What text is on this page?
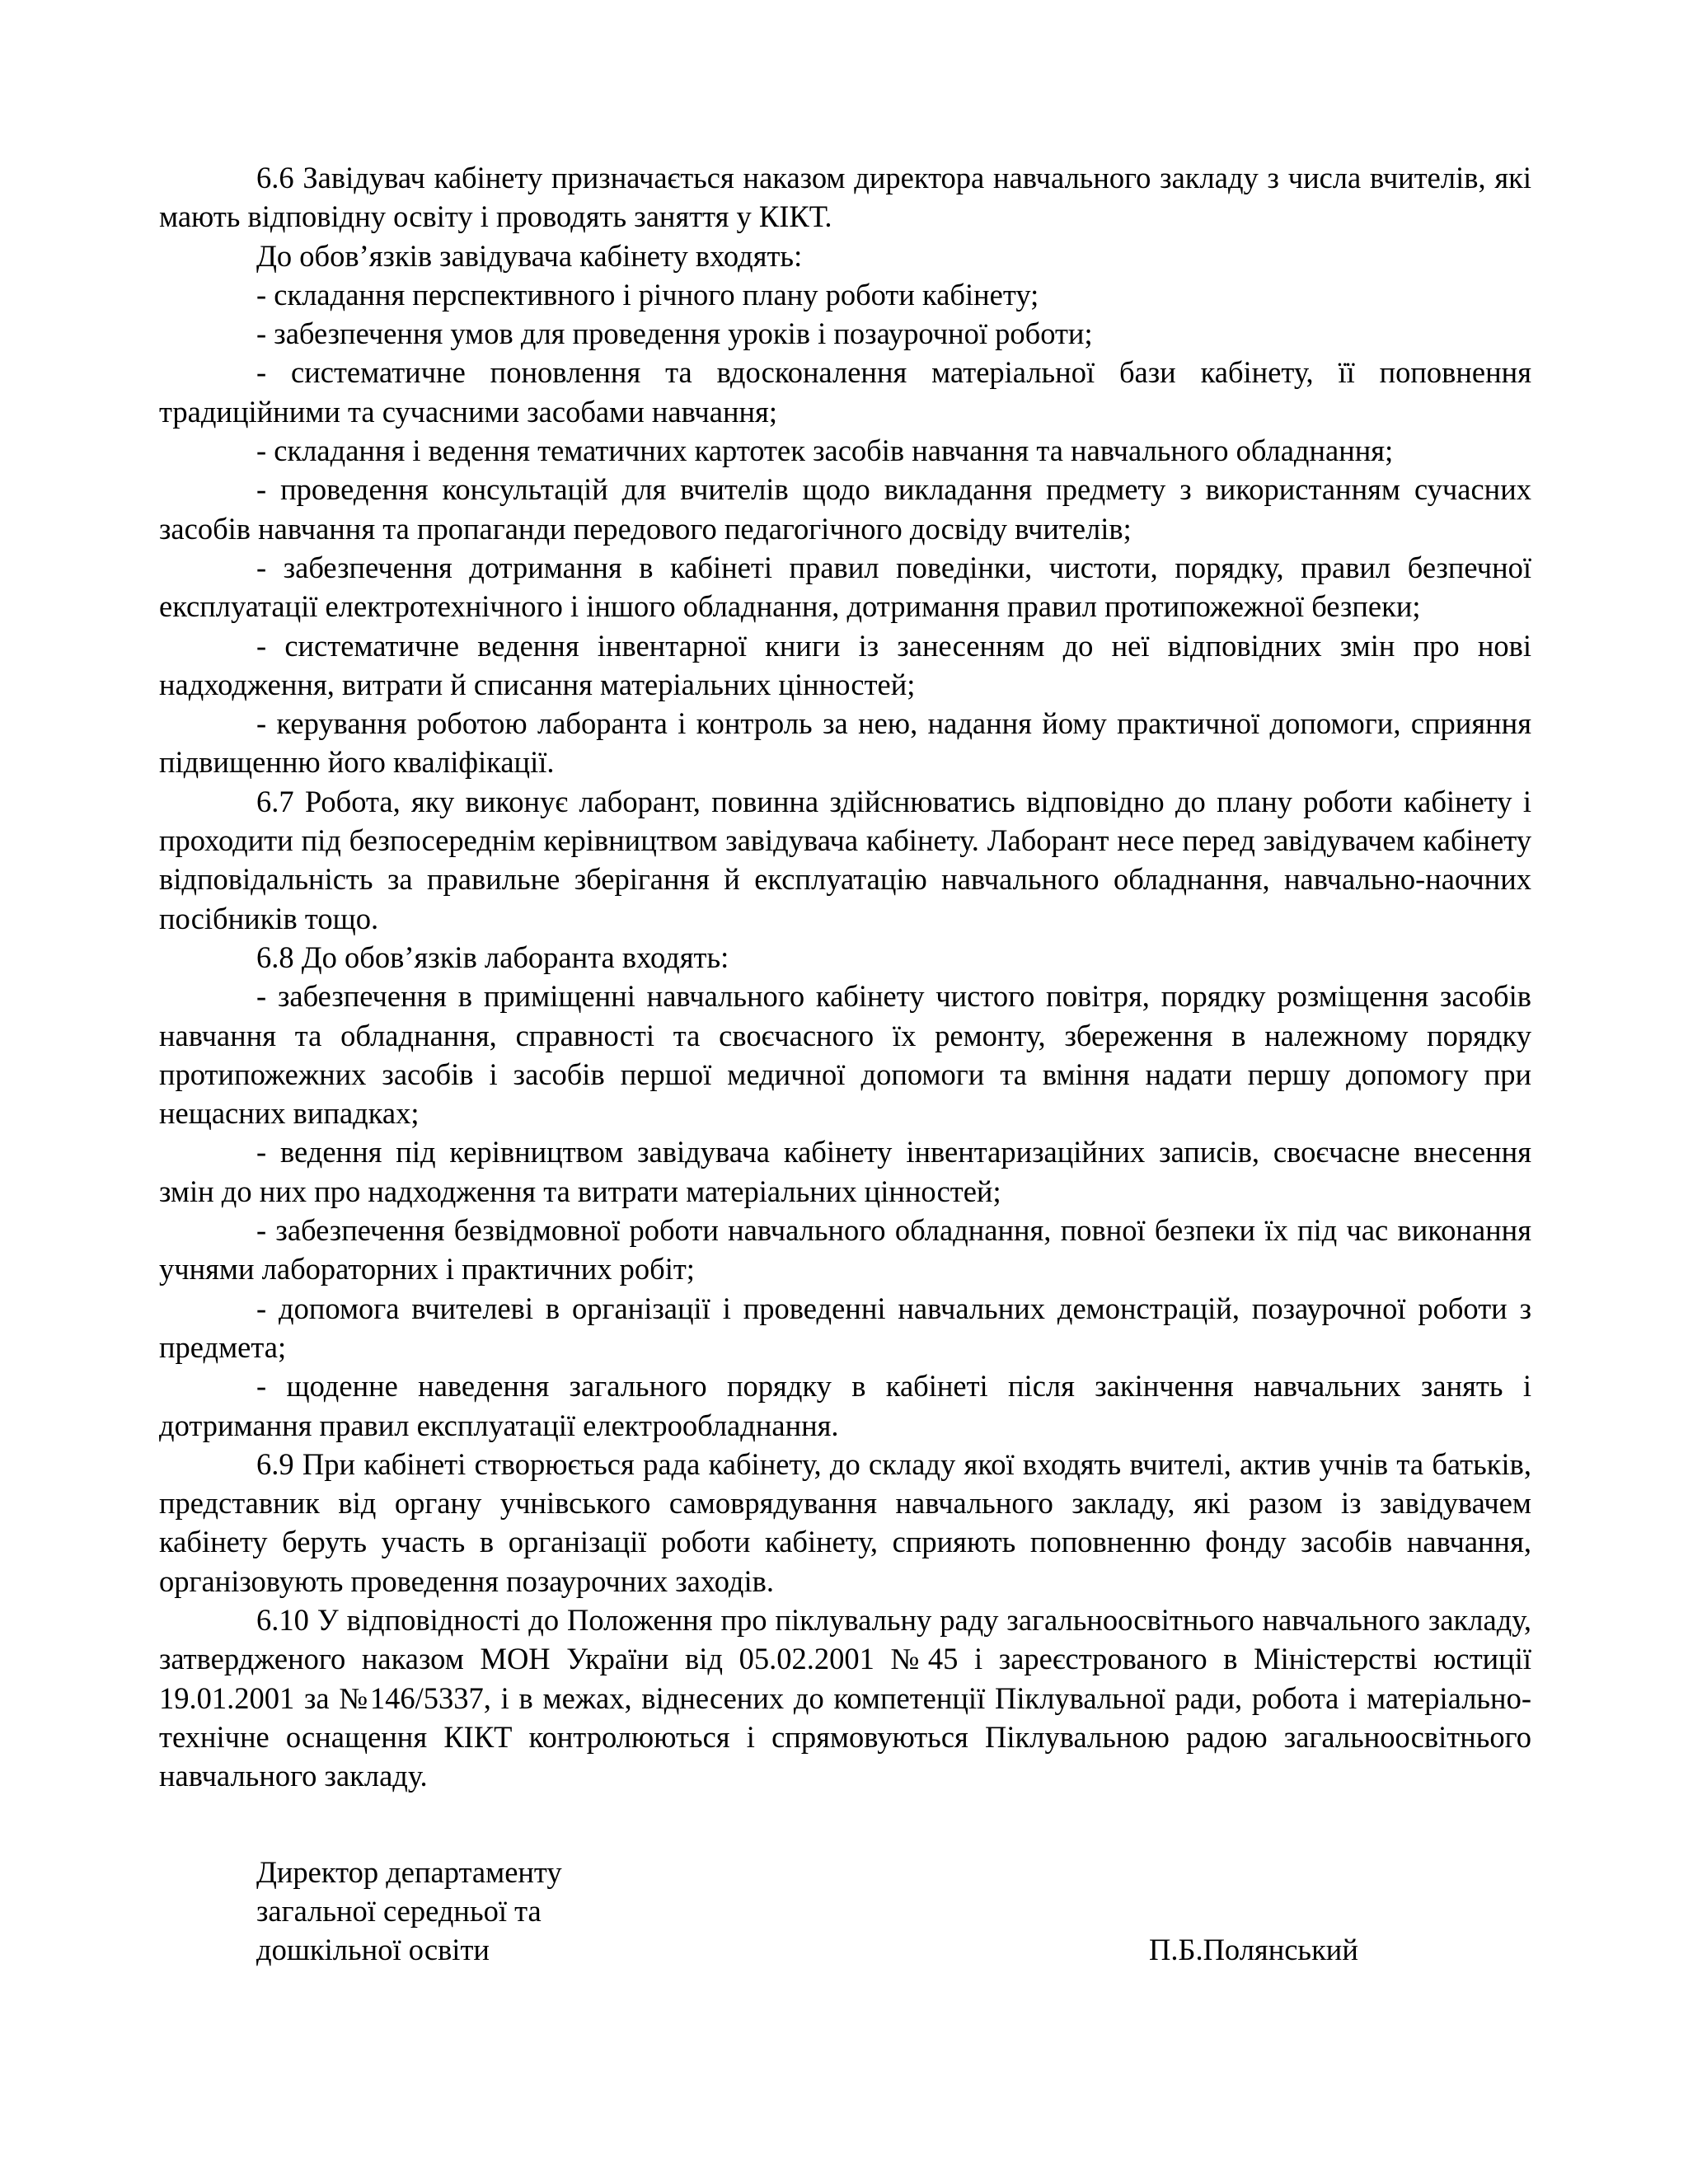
6.6 Завідувач кабінету призначається наказом директора навчального закладу з числа вчителів, які мають відповідну освіту і проводять заняття у КІКТ.

До обов’язків завідувача кабінету входять:

- складання перспективного і річного плану роботи кабінету;

- забезпечення умов для проведення уроків і позаурочної роботи;

- систематичне поновлення та вдосконалення матеріальної бази кабінету, її поповнення традиційними та сучасними засобами навчання;

- складання і ведення тематичних картотек засобів навчання та навчального обладнання;

- проведення консультацій для вчителів щодо викладання предмету з використанням сучасних засобів навчання та пропаганди передового педагогічного досвіду вчителів;

- забезпечення дотримання в кабінеті правил поведінки, чистоти, порядку, правил безпечної експлуатації електротехнічного і іншого обладнання, дотримання правил протипожежної безпеки;

- систематичне ведення інвентарної книги із занесенням до неї відповідних змін про нові надходження, витрати й списання матеріальних цінностей;

- керування роботою лаборанта і контроль за нею, надання йому практичної допомоги, сприяння підвищенню його кваліфікації.

6.7 Робота, яку виконує лаборант, повинна здійснюватись відповідно до плану роботи кабінету і проходити під безпосереднім керівництвом завідувача кабінету. Лаборант несе перед завідувачем кабінету відповідальність за правильне зберігання й експлуатацію навчального обладнання, навчально-наочних посібників тощо.

6.8 До обов’язків лаборанта входять:

- забезпечення в приміщенні навчального кабінету чистого повітря, порядку розміщення засобів навчання та обладнання, справності та своєчасного їх ремонту, збереження в належному порядку протипожежних засобів і засобів першої медичної допомоги та вміння надати першу допомогу при нещасних випадках;

- ведення під керівництвом завідувача кабінету інвентаризаційних записів, своєчасне внесення змін до них про надходження та витрати матеріальних цінностей;

- забезпечення безвідмовної роботи навчального обладнання, повної безпеки їх під час виконання учнями лабораторних і практичних робіт;

- допомога вчителеві в організації і проведенні навчальних демонстрацій, позаурочної роботи з предмета;

- щоденне наведення загального порядку в кабінеті після закінчення навчальних занять і дотримання правил експлуатації електрообладнання.

6.9 При кабінеті створюється рада кабінету, до складу якої входять вчителі, актив учнів та батьків, представник від органу учнівського самоврядування навчального закладу, які разом із завідувачем кабінету беруть участь в організації роботи кабінету, сприяють поповненню фонду засобів навчання, організовують проведення позаурочних заходів.

6.10 У відповідності до Положення про піклувальну раду загальноосвітнього навчального закладу, затвердженого наказом МОН України від 05.02.2001 №45 і зареєстрованого в Міністерстві юстиції 19.01.2001 за №146/5337, і в межах, віднесених до компетенції Піклувальної ради, робота і матеріально-технічне оснащення КІКТ контролюються і спрямовуються Піклувальною радою загальноосвітнього навчального закладу.

Директор департаменту
загальної середньої та
дошкільної освіти	П.Б.Полянський
